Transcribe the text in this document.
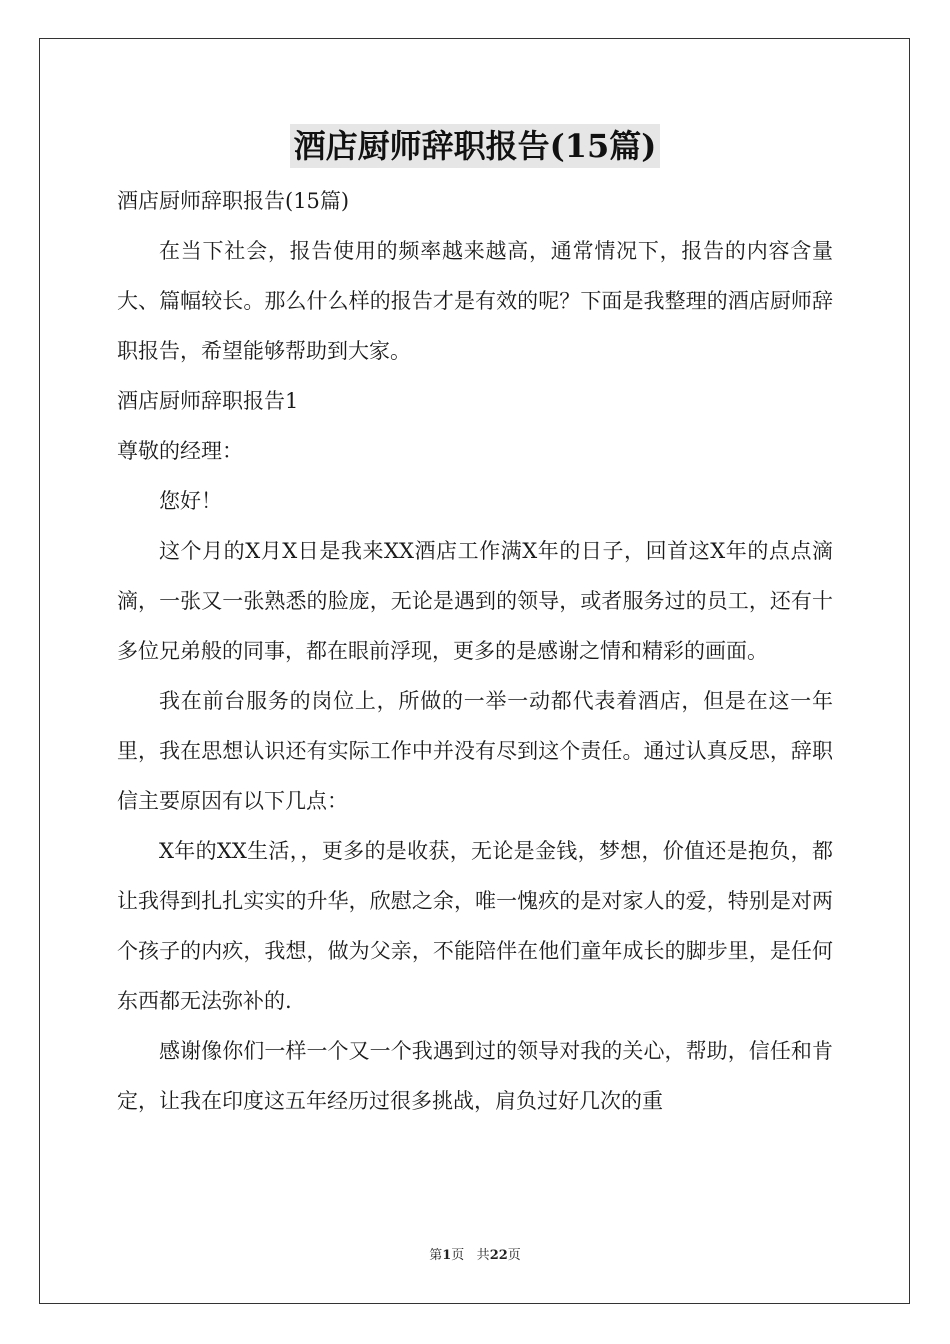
酒店厨师辞职报告(15篇)

酒店厨师辞职报告(15篇)

在当下社会，报告使用的频率越来越高，通常情况下，报告的内容含量大、篇幅较长。那么什么样的报告才是有效的呢？下面是我整理的酒店厨师辞职报告，希望能够帮助到大家。

酒店厨师辞职报告1

尊敬的经理：

您好！

这个月的X月X日是我来XX酒店工作满X年的日子，回首这X年的点点滴滴，一张又一张熟悉的脸庞，无论是遇到的领导，或者服务过的员工，还有十多位兄弟般的同事，都在眼前浮现，更多的是感谢之情和精彩的画面。

我在前台服务的岗位上，所做的一举一动都代表着酒店，但是在这一年里，我在思想认识还有实际工作中并没有尽到这个责任。通过认真反思，辞职信主要原因有以下几点：

X年的XX生活，，更多的是收获，无论是金钱，梦想，价值还是抱负，都让我得到扎扎实实的升华，欣慰之余，唯一愧疚的是对家人的爱，特别是对两个孩子的内疚，我想，做为父亲，不能陪伴在他们童年成长的脚步里，是任何东西都无法弥补的.

感谢像你们一样一个又一个我遇到过的领导对我的关心，帮助，信任和肯定，让我在印度这五年经历过很多挑战，肩负过好几次的重

第1页 共22页
